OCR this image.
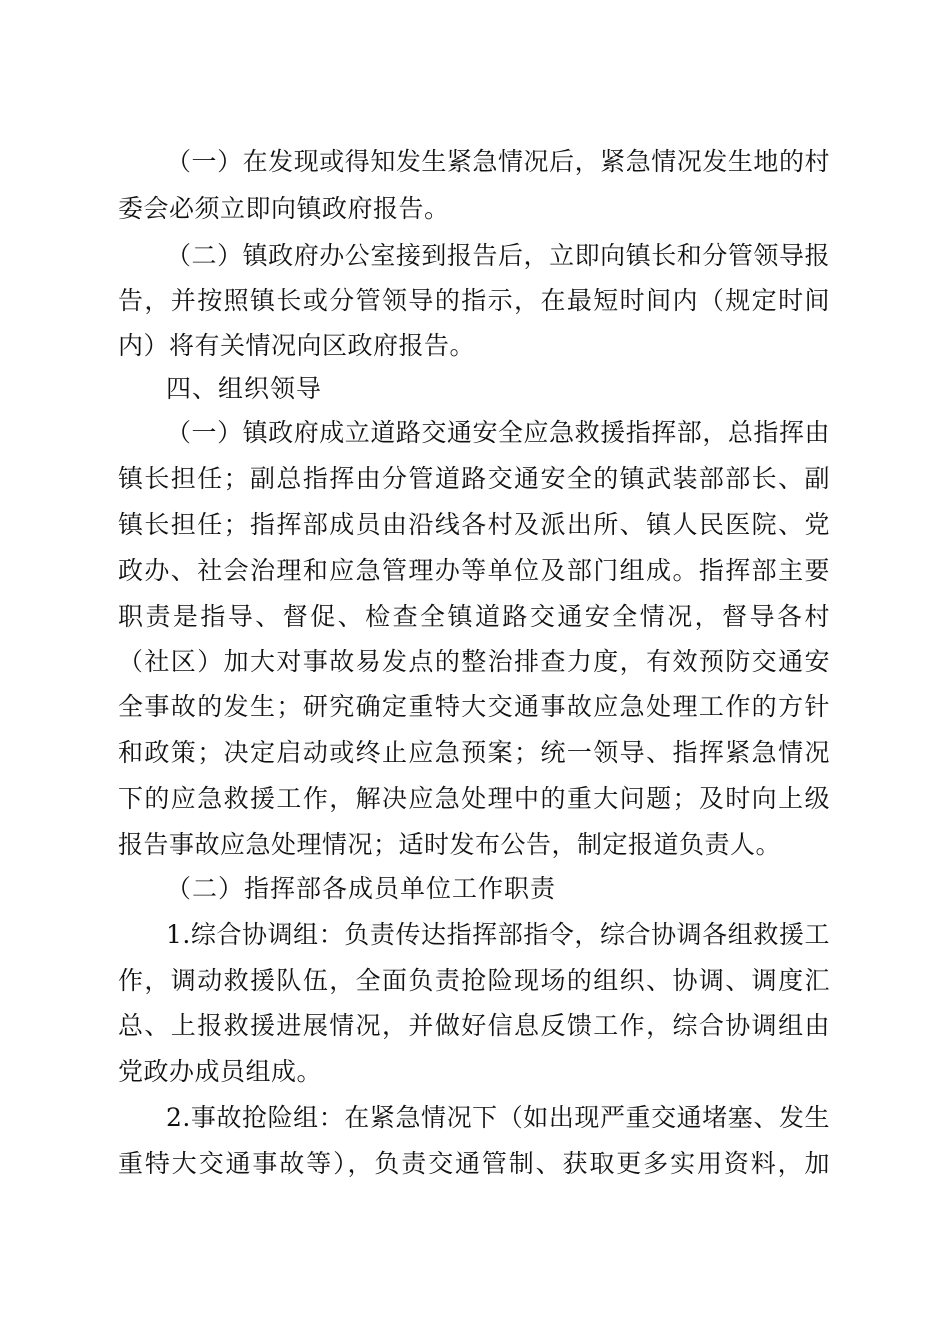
（一）在发现或得知发生紧急情况后，紧急情况发生地的村
委会必须立即向镇政府报告。
（二）镇政府办公室接到报告后，立即向镇长和分管领导报
告，并按照镇长或分管领导的指示，在最短时间内（规定时间
内）将有关情况向区政府报告。
四、组织领导
（一）镇政府成立道路交通安全应急救援指挥部，总指挥由
镇长担任；副总指挥由分管道路交通安全的镇武装部部长、副
镇长担任；指挥部成员由沿线各村及派出所、镇人民医院、党
政办、社会治理和应急管理办等单位及部门组成。指挥部主要
职责是指导、督促、检查全镇道路交通安全情况，督导各村
（社区）加大对事故易发点的整治排查力度，有效预防交通安
全事故的发生；研究确定重特大交通事故应急处理工作的方针
和政策；决定启动或终止应急预案；统一领导、指挥紧急情况
下的应急救援工作，解决应急处理中的重大问题；及时向上级
报告事故应急处理情况；适时发布公告，制定报道负责人。
（二）指挥部各成员单位工作职责
1.综合协调组：负责传达指挥部指令，综合协调各组救援工
作，调动救援队伍，全面负责抢险现场的组织、协调、调度汇
总、上报救援进展情况，并做好信息反馈工作，综合协调组由
党政办成员组成。
2.事故抢险组：在紧急情况下（如出现严重交通堵塞、发生
重特大交通事故等），负责交通管制、获取更多实用资料，加
